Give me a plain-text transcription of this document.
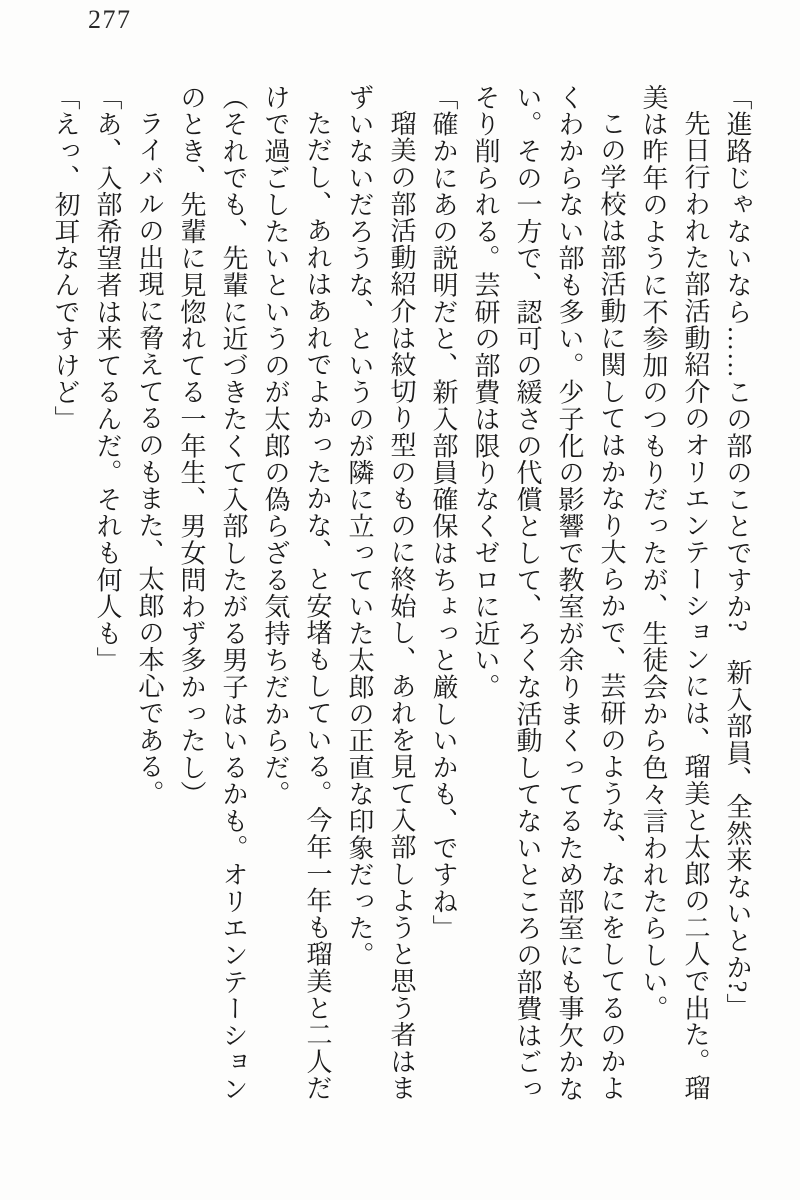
277

「進路じゃないなら……この部のことですか?　新入部員、全然来ないとか?」

先日行われた部活動紹介のオリエンテーションには、瑠美と太郎の二人で出た。瑠美は昨年のように不参加のつもりだったが、生徒会から色々言われたらしい。

この学校は部活動に関してはかなり大らかで、芸研のような、なにをしてるのかよくわからない部も多い。少子化の影響で教室が余りまくってるため部室にも事欠かない。その一方で、認可の緩さの代償として、ろくな活動してないところの部費はごっそり削られる。芸研の部費は限りなくゼロに近い。

「確かにあの説明だと、新入部員確保はちょっと厳しいかも、ですね」

瑠美の部活動紹介は紋切り型のものに終始し、あれを見て入部しようと思う者はまずいないだろうな、というのが隣に立っていた太郎の正直な印象だった。

ただし、あれはあれでよかったかな、と安堵もしている。今年一年も瑠美と二人だけで過ごしたいというのが太郎の偽らざる気持ちだからだ。

（それでも、先輩に近づきたくて入部したがる男子はいるかも。オリエンテーションのとき、先輩に見惚れてる一年生、男女問わず多かったし）

ライバルの出現に脅えてるのもまた、太郎の本心である。

「あ、入部希望者は来てるんだ。それも何人も」

「えっ、初耳なんですけど」
